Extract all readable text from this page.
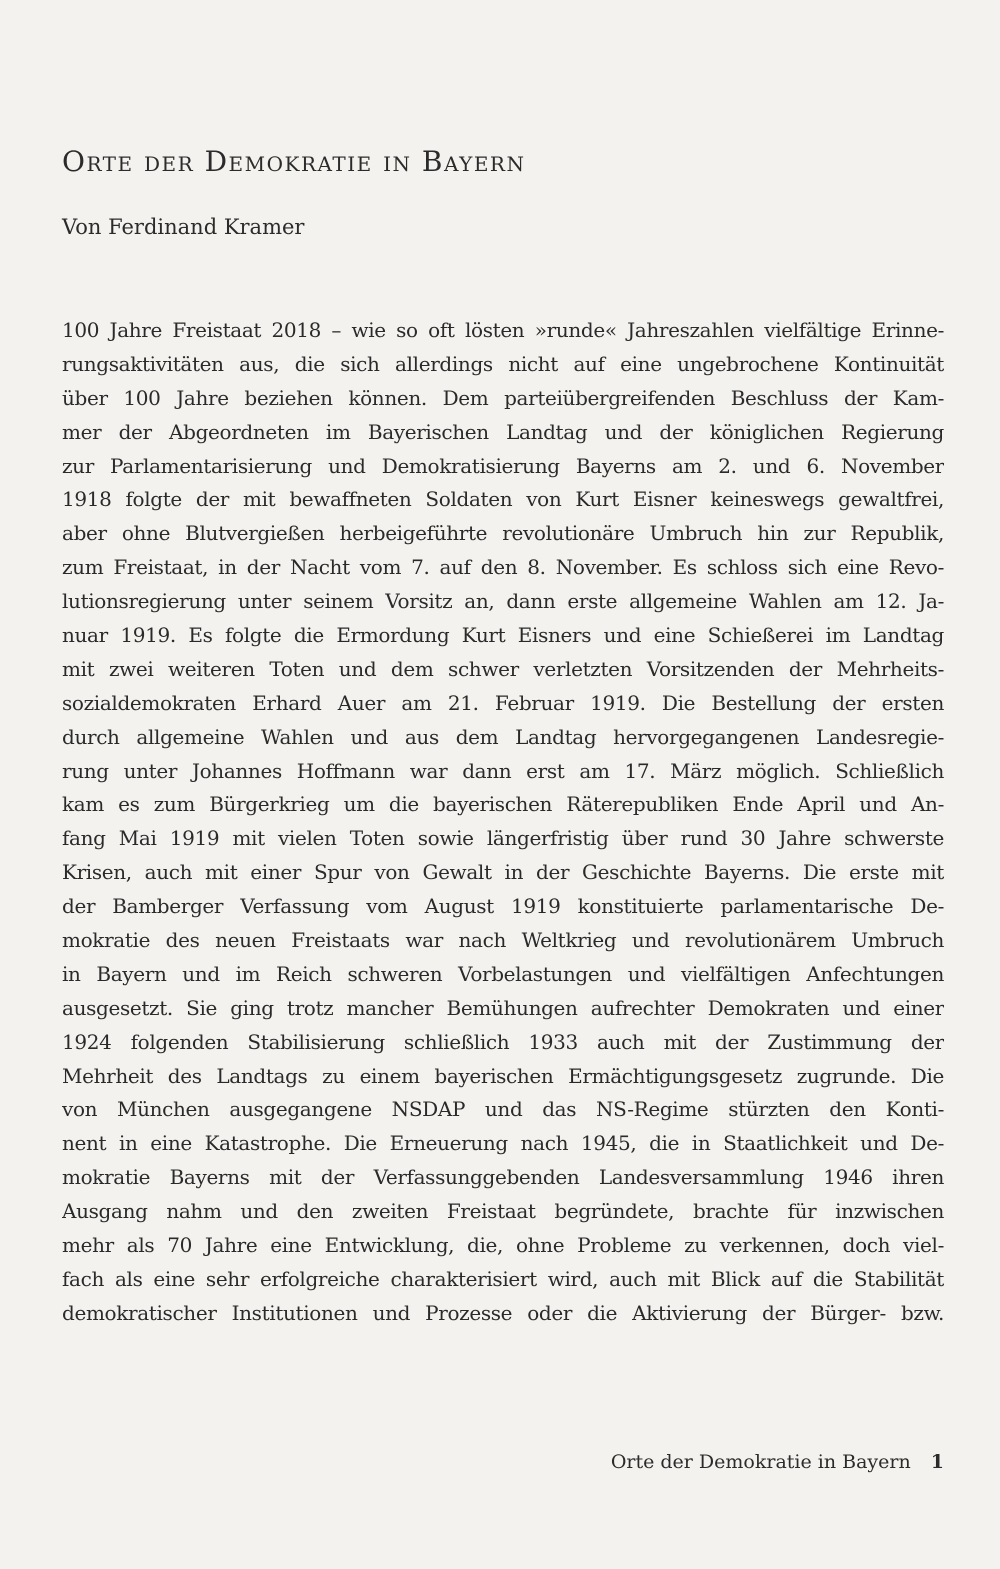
Orte der Demokratie in Bayern

Von Ferdinand Kramer

100 Jahre Freistaat 2018 – wie so oft lösten »runde« Jahreszahlen vielfältige Erinne-
rungsaktivitäten aus, die sich allerdings nicht auf eine ungebrochene Kontinuität
über 100 Jahre beziehen können. Dem parteiübergreifenden Beschluss der Kam-
mer der Abgeordneten im Bayerischen Landtag und der königlichen Regierung
zur Parlamentarisierung und Demokratisierung Bayerns am 2. und 6. November
1918 folgte der mit bewaffneten Soldaten von Kurt Eisner keineswegs gewaltfrei,
aber ohne Blutvergießen herbeigeführte revolutionäre Umbruch hin zur Republik,
zum Freistaat, in der Nacht vom 7. auf den 8. November. Es schloss sich eine Revo-
lutionsregierung unter seinem Vorsitz an, dann erste allgemeine Wahlen am 12. Ja-
nuar 1919. Es folgte die Ermordung Kurt Eisners und eine Schießerei im Landtag
mit zwei weiteren Toten und dem schwer verletzten Vorsitzenden der Mehrheits-
sozialdemokraten Erhard Auer am 21. Februar 1919. Die Bestellung der ersten
durch allgemeine Wahlen und aus dem Landtag hervorgegangenen Landesregie-
rung unter Johannes Hoffmann war dann erst am 17. März möglich. Schließlich
kam es zum Bürgerkrieg um die bayerischen Räterepubliken Ende April und An-
fang Mai 1919 mit vielen Toten sowie längerfristig über rund 30 Jahre schwerste
Krisen, auch mit einer Spur von Gewalt in der Geschichte Bayerns. Die erste mit
der Bamberger Verfassung vom August 1919 konstituierte parlamentarische De-
mokratie des neuen Freistaats war nach Weltkrieg und revolutionärem Umbruch
in Bayern und im Reich schweren Vorbelastungen und vielfältigen Anfechtungen
ausgesetzt. Sie ging trotz mancher Bemühungen aufrechter Demokraten und einer
1924 folgenden Stabilisierung schließlich 1933 auch mit der Zustimmung der
Mehrheit des Landtags zu einem bayerischen Ermächtigungsgesetz zugrunde. Die
von München ausgegangene NSDAP und das NS-Regime stürzten den Konti-
nent in eine Katastrophe. Die Erneuerung nach 1945, die in Staatlichkeit und De-
mokratie Bayerns mit der Verfassunggebenden Landesversammlung 1946 ihren
Ausgang nahm und den zweiten Freistaat begründete, brachte für inzwischen
mehr als 70 Jahre eine Entwicklung, die, ohne Probleme zu verkennen, doch viel-
fach als eine sehr erfolgreiche charakterisiert wird, auch mit Blick auf die Stabilität
demokratischer Institutionen und Prozesse oder die Aktivierung der Bürger- bzw.
Orte der Demokratie in Bayern 1
